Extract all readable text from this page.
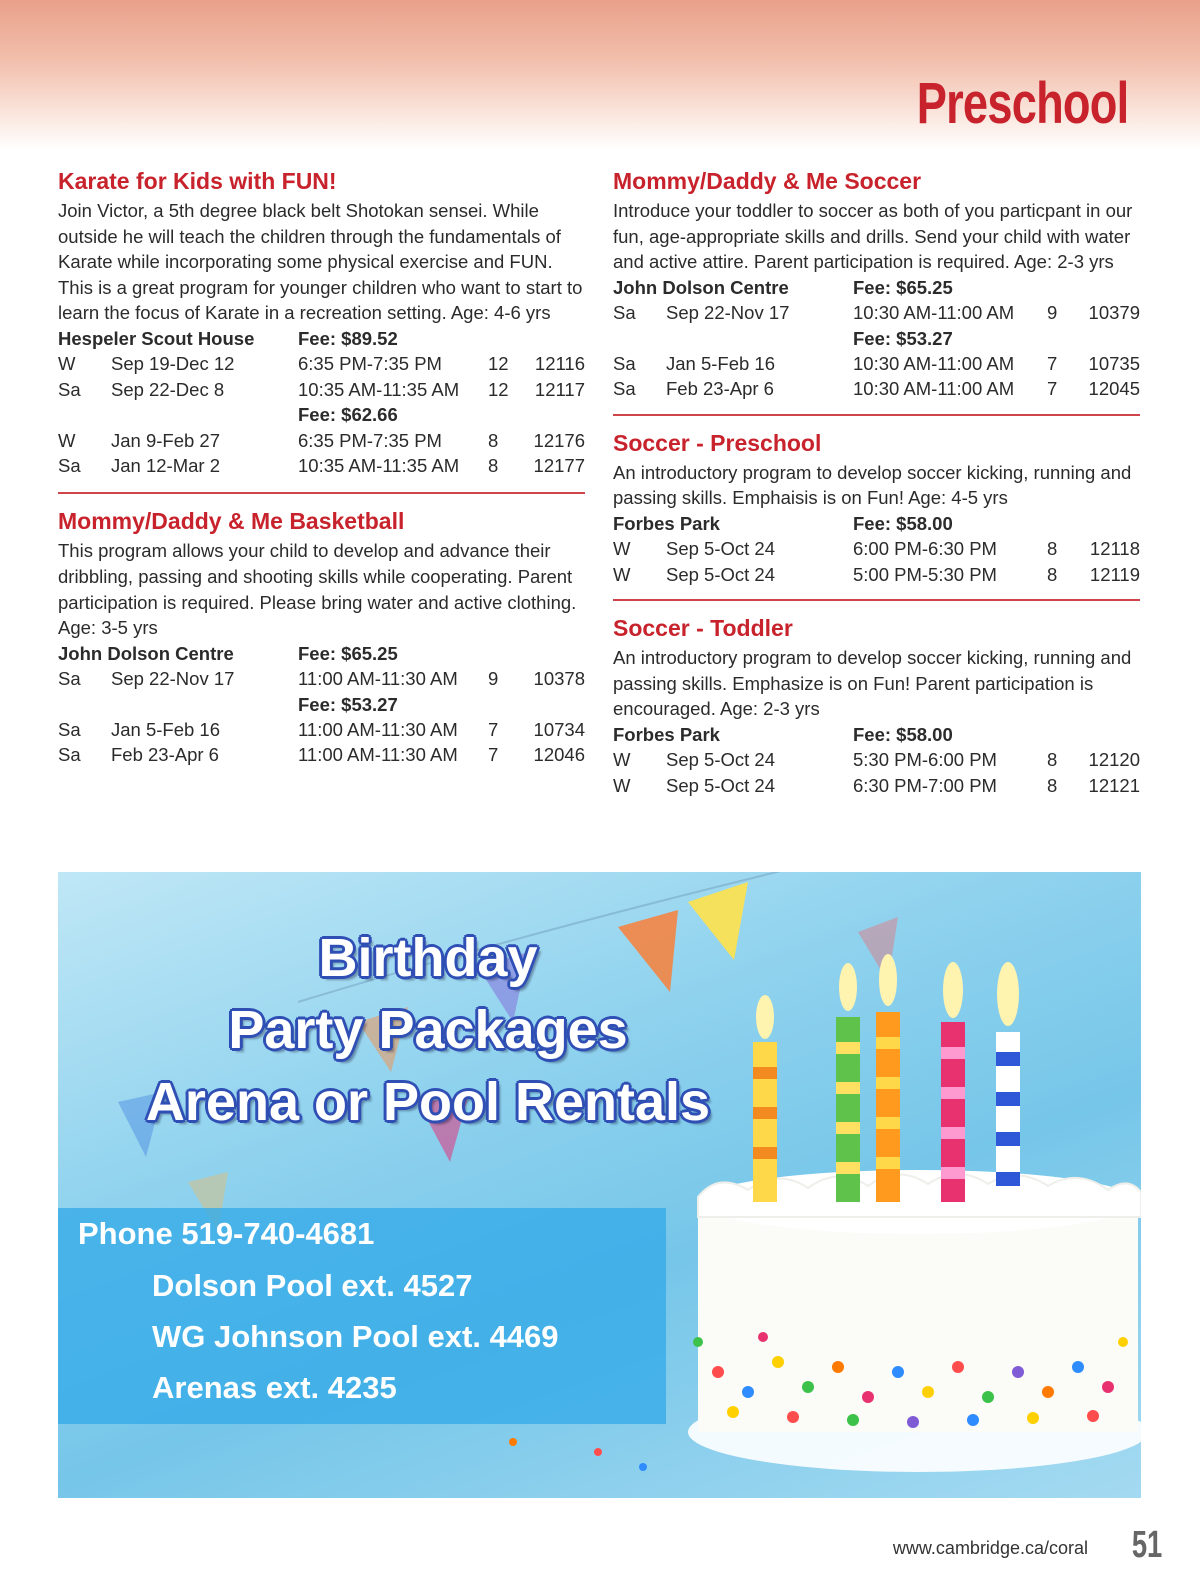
Preschool
Karate for Kids with FUN!

Join Victor, a 5th degree black belt Shotokan sensei. While outside he will teach the children through the fundamentals of Karate while incorporating some physical exercise and FUN. This is a great program for younger children who want to start to learn the focus of Karate in a recreation setting. Age: 4-6 yrs

Hespeler Scout House	Fee: $89.52
W	Sep 19-Dec 12	6:35 PM-7:35 PM	12	12116
Sa	Sep 22-Dec 8	10:35 AM-11:35 AM	12	12117
Fee: $62.66
W	Jan 9-Feb 27	6:35 PM-7:35 PM	8	12176
Sa	Jan 12-Mar 2	10:35 AM-11:35 AM	8	12177
Mommy/Daddy & Me Basketball

This program allows your child to develop and advance their dribbling, passing and shooting skills while cooperating. Parent participation is required. Please bring water and active clothing. Age: 3-5 yrs

John Dolson Centre	Fee: $65.25
Sa	Sep 22-Nov 17	11:00 AM-11:30 AM	9	10378
Fee: $53.27
Sa	Jan 5-Feb 16	11:00 AM-11:30 AM	7	10734
Sa	Feb 23-Apr 6	11:00 AM-11:30 AM	7	12046
Mommy/Daddy & Me Soccer

Introduce your toddler to soccer as both of you particpant in our fun, age-appropriate skills and drills. Send your child with water and active attire. Parent participation is required. Age: 2-3 yrs

John Dolson Centre	Fee: $65.25
Sa	Sep 22-Nov 17	10:30 AM-11:00 AM	9	10379
Fee: $53.27
Sa	Jan 5-Feb 16	10:30 AM-11:00 AM	7	10735
Sa	Feb 23-Apr 6	10:30 AM-11:00 AM	7	12045
Soccer - Preschool

An introductory program to develop soccer kicking, running and passing skills. Emphaisis is on Fun! Age: 4-5 yrs

Forbes Park	Fee: $58.00
W	Sep 5-Oct 24	6:00 PM-6:30 PM	8	12118
W	Sep 5-Oct 24	5:00 PM-5:30 PM	8	12119
Soccer - Toddler

An introductory program to develop soccer kicking, running and passing skills. Emphasize is on Fun! Parent participation is encouraged. Age: 2-3 yrs

Forbes Park	Fee: $58.00
W	Sep 5-Oct 24	5:30 PM-6:00 PM	8	12120
W	Sep 5-Oct 24	6:30 PM-7:00 PM	8	12121
Birthday
Party Packages
Arena or Pool Rentals
Phone 519-740-4681
Dolson Pool ext. 4527
WG Johnson Pool ext. 4469
Arenas ext. 4235
www.cambridge.ca/coral 51
